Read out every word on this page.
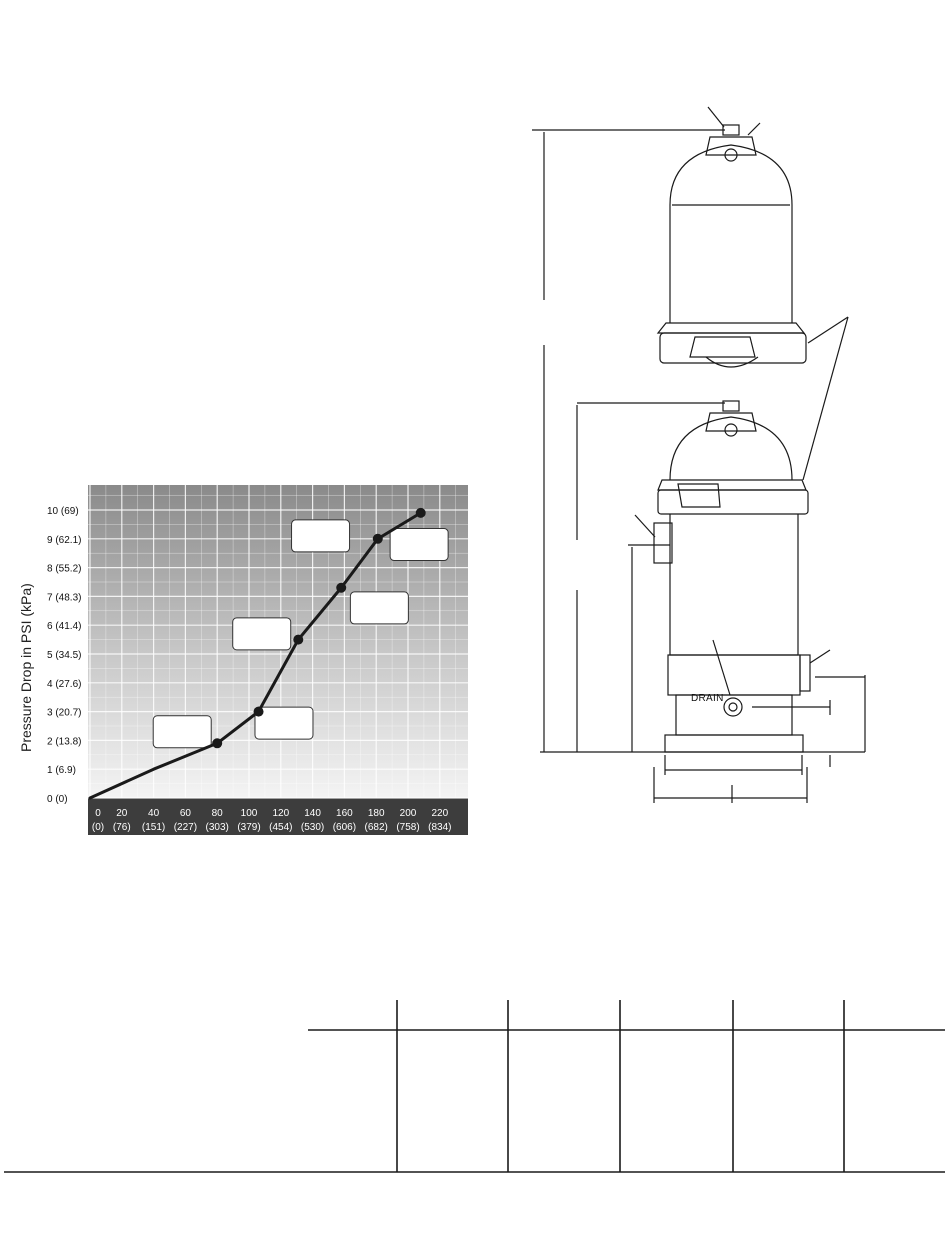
0 (0)
1 (6.9)
2 (13.8)
3 (20.7)
4 (27.6)
5 (34.5)
6 (41.4)
7 (48.3)
8 (55.2)
9 (62.1)
10 (69)
0
(0)
20
(76)
40
(151)
60
(227)
80
(303)
100
(379)
120
(454)
140
(530)
160
(606)
180
(682)
200
(758)
220
(834)
Pressure Drop in PSI (kPa)	DRAIN
